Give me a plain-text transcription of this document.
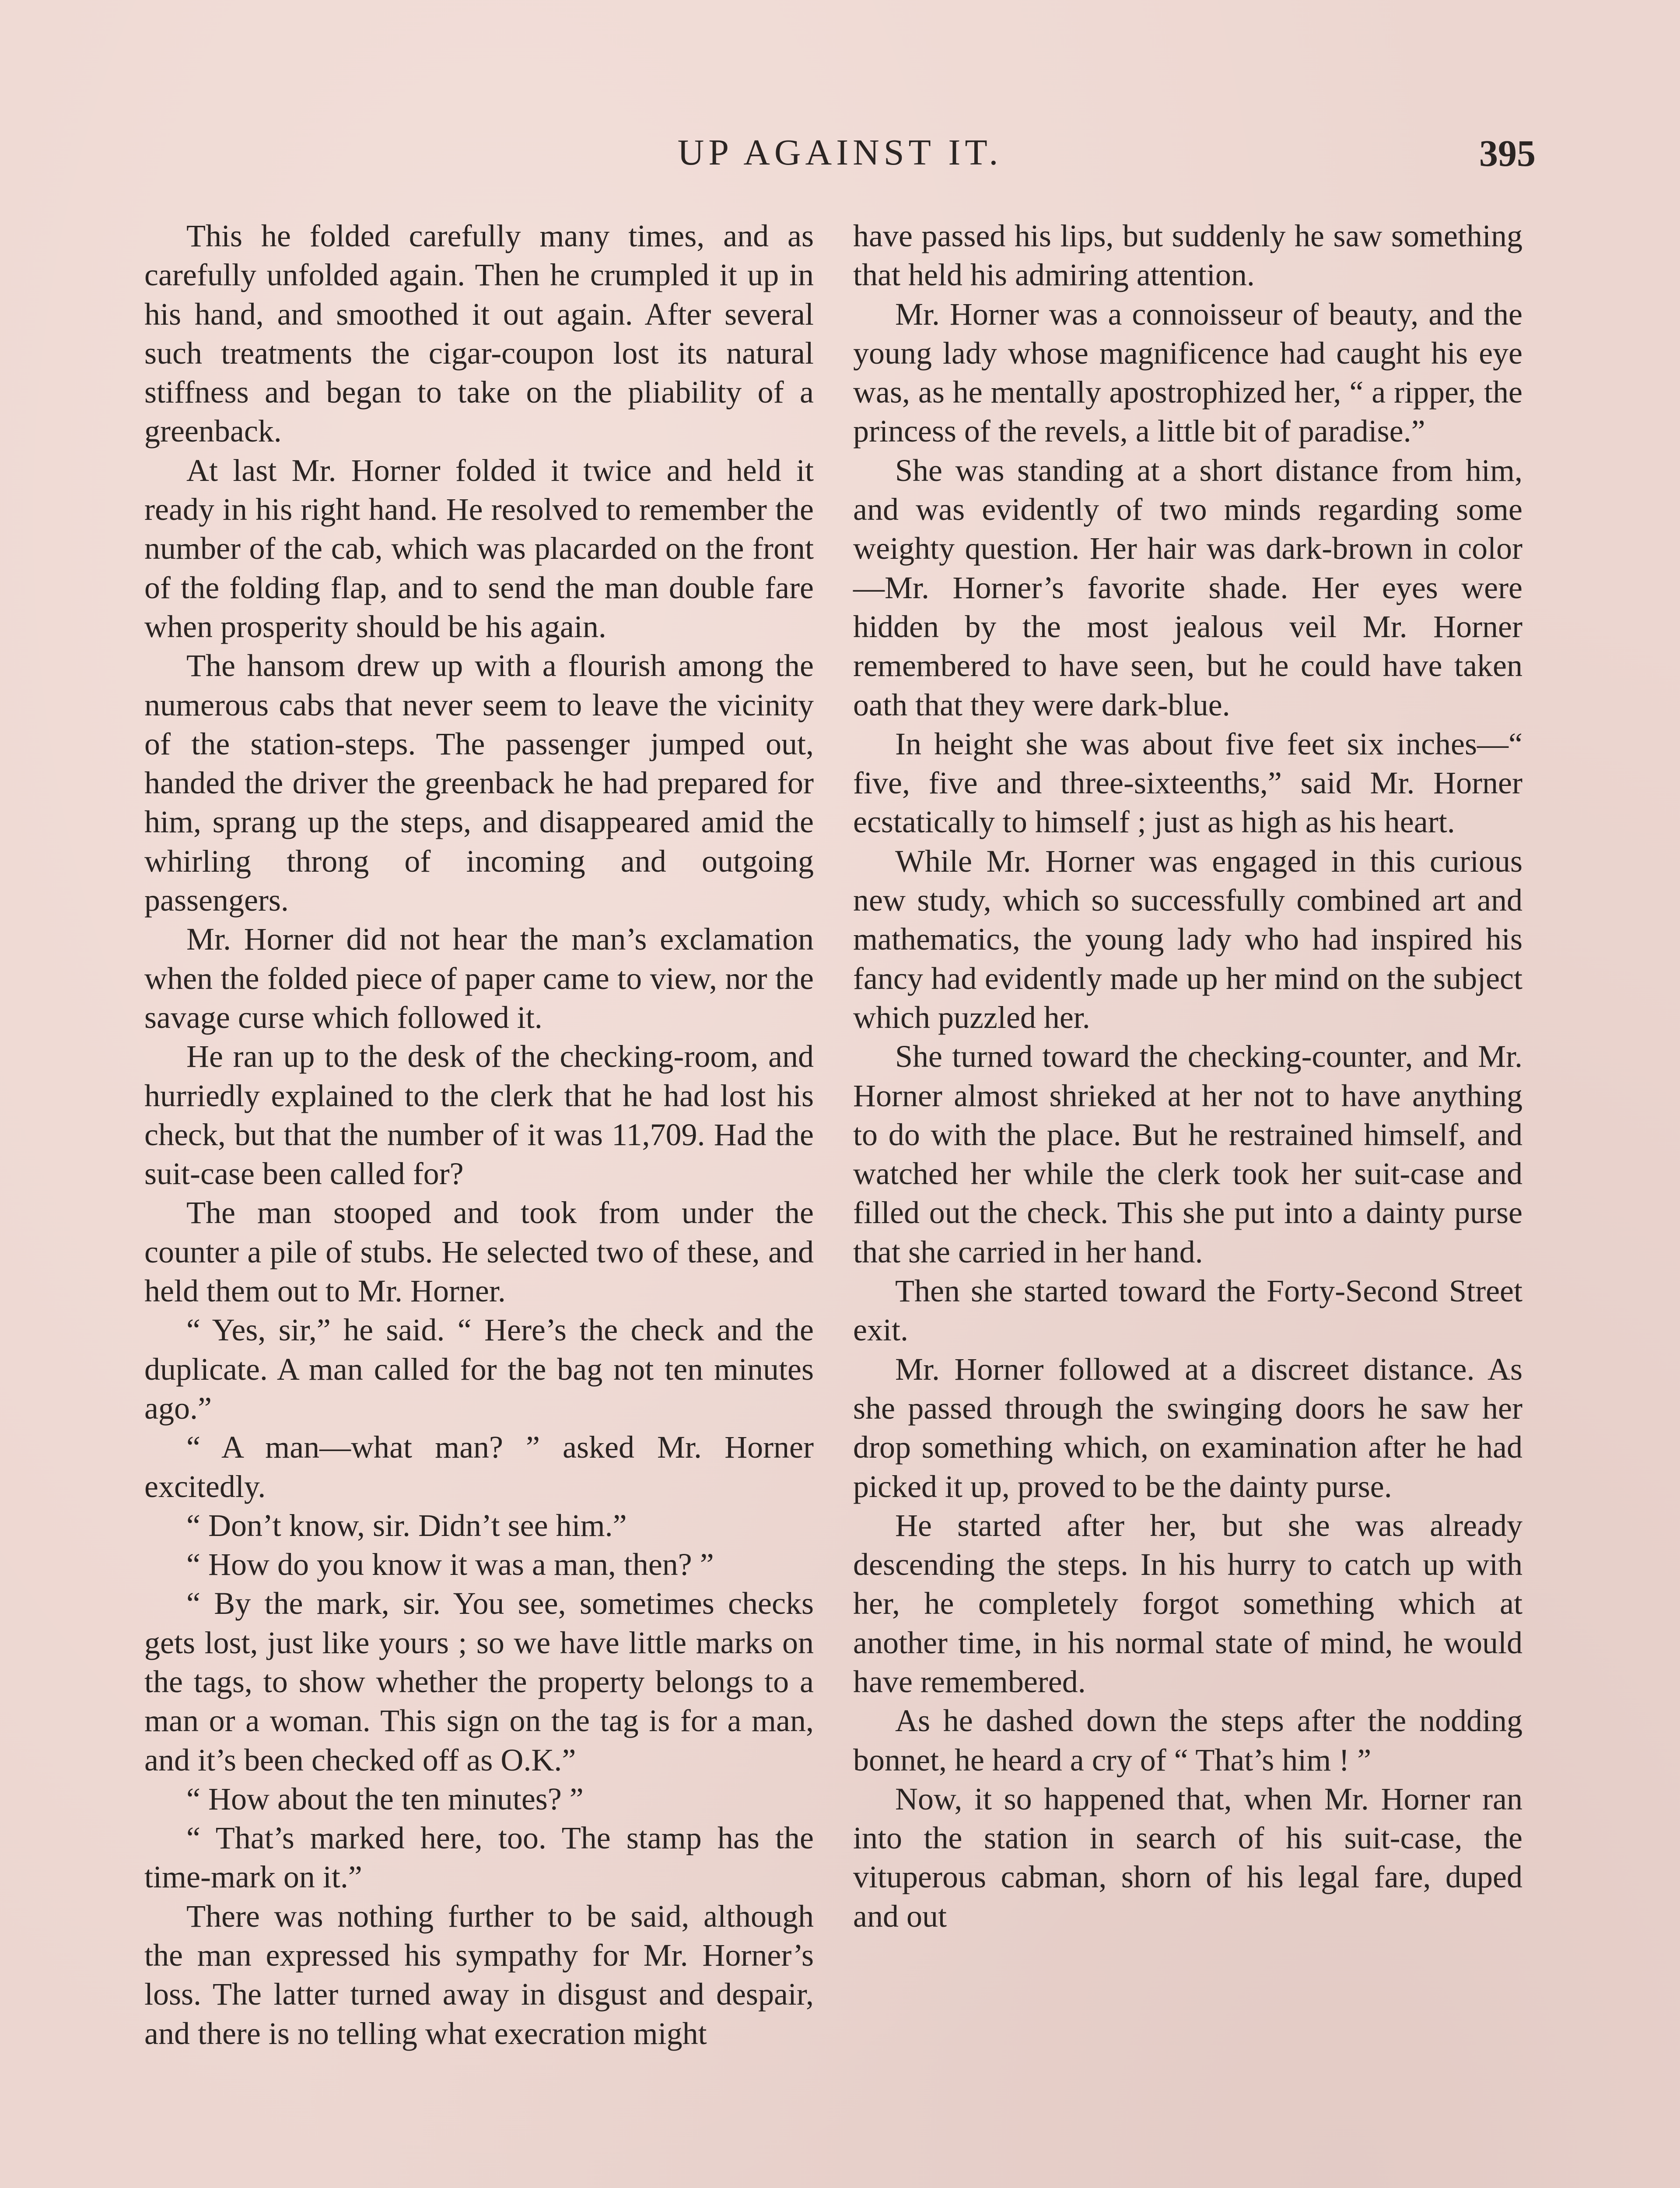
UP AGAINST IT.	395

This he folded carefully many times, and as carefully unfolded again. Then he crumpled it up in his hand, and smoothed it out again. After several such treatments the cigar-coupon lost its natural stiffness and began to take on the pliability of a greenback.

At last Mr. Horner folded it twice and held it ready in his right hand. He resolved to remember the number of the cab, which was placarded on the front of the folding flap, and to send the man double fare when prosperity should be his again.

The hansom drew up with a flourish among the numerous cabs that never seem to leave the vicinity of the station-steps. The passenger jumped out, handed the driver the greenback he had prepared for him, sprang up the steps, and disappeared amid the whirling throng of incoming and outgoing passengers.

Mr. Horner did not hear the man’s exclamation when the folded piece of paper came to view, nor the savage curse which followed it.

He ran up to the desk of the checking-room, and hurriedly explained to the clerk that he had lost his check, but that the number of it was 11,709. Had the suit-case been called for?

The man stooped and took from under the counter a pile of stubs. He selected two of these, and held them out to Mr. Horner.

“ Yes, sir,” he said. “ Here’s the check and the duplicate. A man called for the bag not ten minutes ago.”

“ A man—what man? ” asked Mr. Horner excitedly.

“ Don’t know, sir. Didn’t see him.”

“ How do you know it was a man, then? ”

“ By the mark, sir. You see, sometimes checks gets lost, just like yours ; so we have little marks on the tags, to show whether the property belongs to a man or a woman. This sign on the tag is for a man, and it’s been checked off as O.K.”

“ How about the ten minutes? ”

“ That’s marked here, too. The stamp has the time-mark on it.”

There was nothing further to be said, although the man expressed his sympathy for Mr. Horner’s loss. The latter turned away in disgust and despair, and there is no telling what execration might

have passed his lips, but suddenly he saw something that held his admiring attention.

Mr. Horner was a connoisseur of beauty, and the young lady whose magnificence had caught his eye was, as he mentally apostrophized her, “ a ripper, the princess of the revels, a little bit of paradise.”

She was standing at a short distance from him, and was evidently of two minds regarding some weighty question. Her hair was dark-brown in color—Mr. Horner’s favorite shade. Her eyes were hidden by the most jealous veil Mr. Horner remembered to have seen, but he could have taken oath that they were dark-blue.

In height she was about five feet six inches—“ five, five and three-sixteenths,” said Mr. Horner ecstatically to himself ; just as high as his heart.

While Mr. Horner was engaged in this curious new study, which so successfully combined art and mathematics, the young lady who had inspired his fancy had evidently made up her mind on the subject which puzzled her.

She turned toward the checking-counter, and Mr. Horner almost shrieked at her not to have anything to do with the place. But he restrained himself, and watched her while the clerk took her suit-case and filled out the check. This she put into a dainty purse that she carried in her hand.

Then she started toward the Forty-Second Street exit.

Mr. Horner followed at a discreet distance. As she passed through the swinging doors he saw her drop something which, on examination after he had picked it up, proved to be the dainty purse.

He started after her, but she was already descending the steps. In his hurry to catch up with her, he completely forgot something which at another time, in his normal state of mind, he would have remembered.

As he dashed down the steps after the nodding bonnet, he heard a cry of “ That’s him ! ”

Now, it so happened that, when Mr. Horner ran into the station in search of his suit-case, the vituperous cabman, shorn of his legal fare, duped and out
